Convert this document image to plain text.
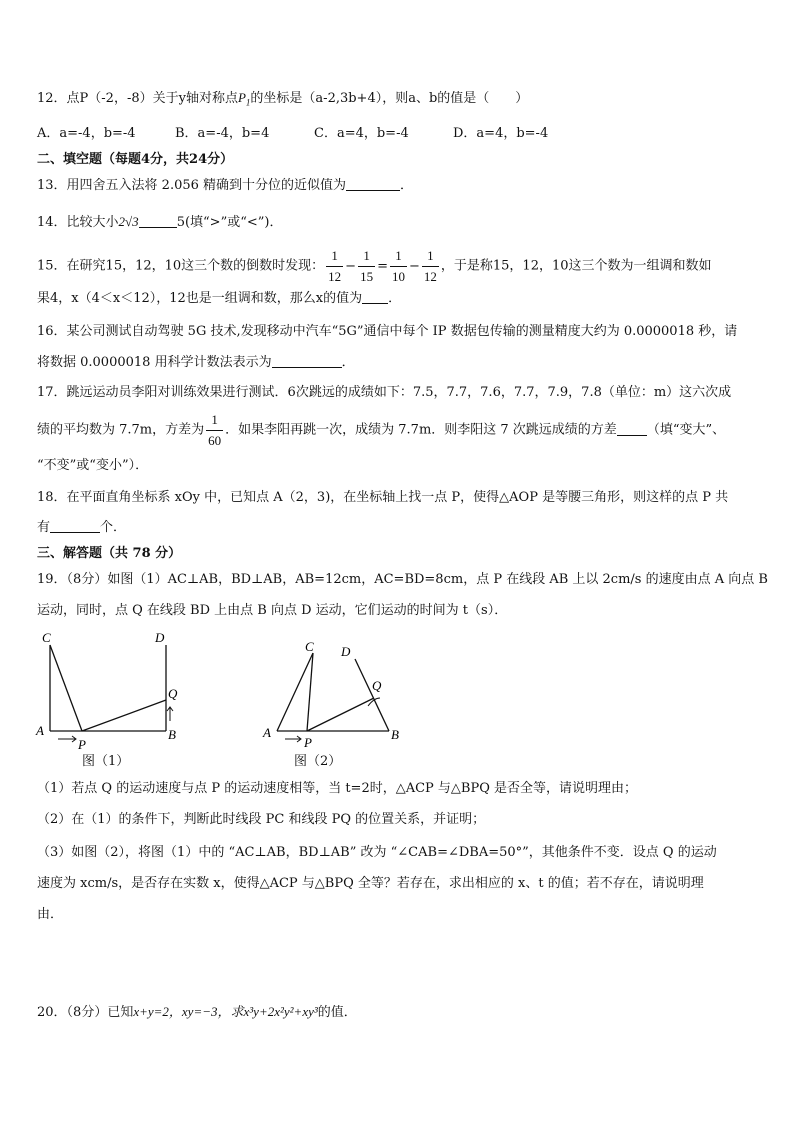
12．点P（-2，-8）关于y轴对称点$P_1$的坐标是（a-2,3b+4），则a、b的值是（　　）
A．a=-4，b=-4	B．a=-4，b=4	C．a=4，b=-4	D．a=4，b=-4
二、填空题（每题4分，共24分）
13．用四舍五入法将 2.056 精确到十分位的近似值为	．
14．比较大小2√3	5(填“>”或“<”)．
15．在研究15，12，10这三个数的倒数时发现： $\frac{1}{12} - \frac{1}{15} = \frac{1}{10} - \frac{1}{12}$ ，于是称15，12，10这三个数为一组调和数如
果4，x（4＜x＜12），12也是一组调和数，那么x的值为 ．
16．某公司测试自动驾驶 5G 技术,发现移动中汽车“5G”通信中每个 IP 数据包传输的测量精度大约为 0.0000018 秒，请
将数据 0.0000018 用科学计数法表示为	．
17．跳远运动员李阳对训练效果进行测试．6次跳远的成绩如下：7.5，7.7，7.6，7.7，7.9，7.8（单位：m）这六次成
绩的平均数为 7.7m，方差为 $\frac{1}{60}$ ．如果李阳再跳一次，成绩为 7.7m．则李阳这 7 次跳远成绩的方差 （填“变大”、
“不变”或“变小”）．
18．在平面直角坐标系 xOy 中，已知点 A（2，3)，在坐标轴上找一点 P，使得△AOP 是等腰三角形，则这样的点 P 共
有	个．
三、解答题（共 78 分）
19．（8分）如图（1）AC⊥AB，BD⊥AB，AB=12cm，AC=BD=8cm，点 P 在线段 AB 上以 2cm/s 的速度由点 A 向点 B
运动，同时，点 Q 在线段 BD 上由点 B 向点 D 运动，它们运动的时间为 t（s）．
C	D
Q
A
P
B
图（1）
C D
Q
A
P
B
图（2）
（1）若点 Q 的运动速度与点 P 的运动速度相等，当 t=2时，△ACP 与△BPQ 是否全等，请说明理由；
（2）在（1）的条件下，判断此时线段 PC 和线段 PQ 的位置关系，并证明；
（3）如图（2），将图（1）中的 “AC⊥AB，BD⊥AB” 改为 “∠CAB=∠DBA=50°”，其他条件不变．设点 Q 的运动
速度为 xcm/s，是否存在实数 x，使得△ACP 与△BPQ 全等？若存在，求出相应的 x、t 的值；若不存在，请说明理
由．
20．（8分）已知x+y=2，xy=−3，求x³y+2x²y²+xy³的值．
